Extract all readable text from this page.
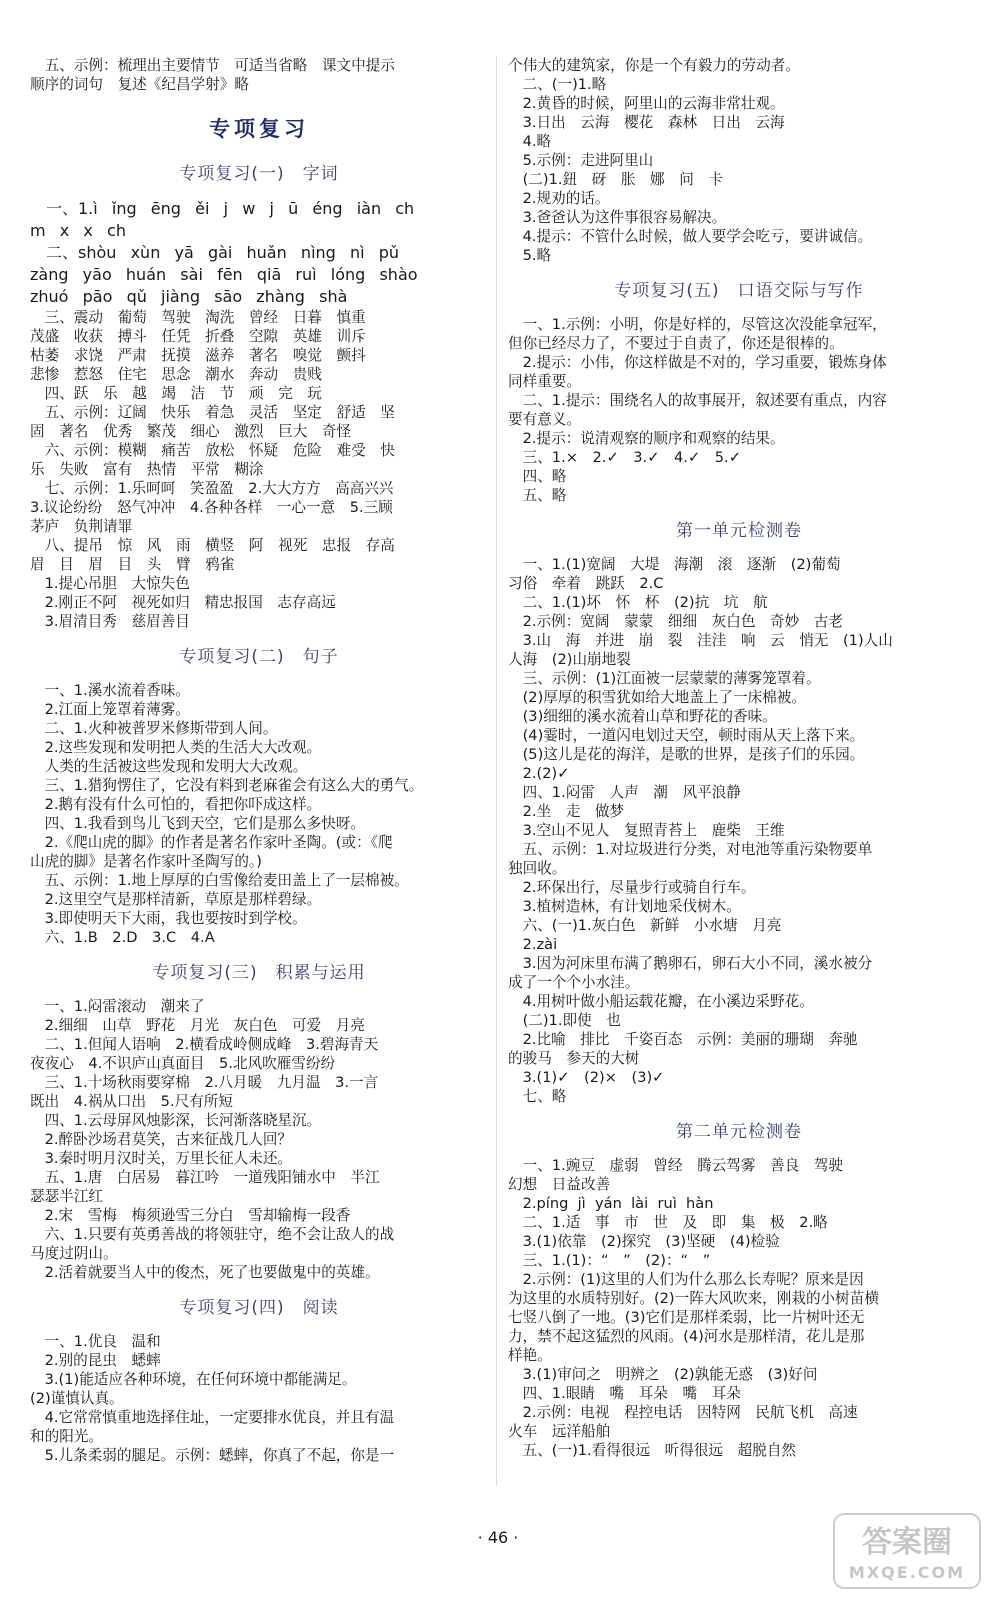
　五、示例：梳理出主要情节　可适当省略　课文中提示
顺序的词句　复述《纪昌学射》略
专项复习
专项复习(一)　字词
　一、1.ì  ǐng  ēng  ěi  j  w  j  ū  éng  iàn  ch
m  x  x  ch
　二、shòu  xùn  yā  gài  huǎn  nìng  nì  pǔ
zàng  yāo  huán  sài  fēn  qiā  ruì  lóng  shào
zhuó  pāo  qǔ  jiàng  sāo  zhàng  shà
　三、震动　葡萄　驾驶　淘洗　曾经　日暮　慎重
茂盛　收获　搏斗　任凭　折叠　空隙　英雄　训斥
枯萎　求饶　严肃　抚摸　滋养　著名　嗅觉　颤抖
悲惨　惹怒　住宅　思念　潮水　奔动　贵贱
　四、跃　乐　越　竭　洁　节　顽　完　玩
　五、示例：辽阔　快乐　着急　灵活　坚定　舒适　坚
固　著名　优秀　繁茂　细心　激烈　巨大　奇怪
　六、示例：模糊　痛苦　放松　怀疑　危险　难受　快
乐　失败　富有　热情　平常　糊涂
　七、示例：1.乐呵呵　笑盈盈　2.大大方方　高高兴兴
3.议论纷纷　怒气冲冲　4.各种各样　一心一意　5.三顾
茅庐　负荆请罪
　八、提吊　惊　风　雨　横竖　阿　视死　忠报　存高
眉　目　眉　目　头　臂　鸦雀
　1.提心吊胆　大惊失色
　2.刚正不阿　视死如归　精忠报国　志存高远
　3.眉清目秀　慈眉善目
专项复习(二)　句子
　一、1.溪水流着香味。
　2.江面上笼罩着薄雾。
　二、1.火种被普罗米修斯带到人间。
　2.这些发现和发明把人类的生活大大改观。
　人类的生活被这些发现和发明大大改观。
　三、1.猎狗愣住了，它没有料到老麻雀会有这么大的勇气。
　2.鹅有没有什么可怕的，看把你吓成这样。
　四、1.我看到鸟儿飞到天空，它们是那么多快呀。
　2.《爬山虎的脚》的作者是著名作家叶圣陶。(或：《爬
山虎的脚》是著名作家叶圣陶写的。)
　五、示例：1.地上厚厚的白雪像给麦田盖上了一层棉被。
　2.这里空气是那样清新，草原是那样碧绿。
　3.即使明天下大雨，我也要按时到学校。
　六、1.B　2.D　3.C　4.A
专项复习(三)　积累与运用
　一、1.闷雷滚动　潮来了
　2.细细　山草　野花　月光　灰白色　可爱　月亮
　二、1.但闻人语响　2.横看成岭侧成峰　3.碧海青天
夜夜心　4.不识庐山真面目　5.北风吹雁雪纷纷
　三、1.十场秋雨要穿棉　2.八月暖　九月温　3.一言
既出　4.祸从口出　5.尺有所短
　四、1.云母屏风烛影深，长河渐落晓星沉。
　2.醉卧沙场君莫笑，古来征战几人回？
　3.秦时明月汉时关，万里长征人未还。
　五、1.唐　白居易　暮江吟　一道残阳铺水中　半江
瑟瑟半江红
　2.宋　雪梅　梅须逊雪三分白　雪却输梅一段香
　六、1.只要有英勇善战的将领驻守，绝不会让敌人的战
马度过阴山。
　2.活着就要当人中的俊杰，死了也要做鬼中的英雄。
专项复习(四)　阅读
　一、1.优良　温和
　2.别的昆虫　蟋蟀
　3.(1)能适应各种环境，在任何环境中都能满足。
(2)谨慎认真。
　4.它常常慎重地选择住址，一定要排水优良，并且有温
和的阳光。
　5.儿条柔弱的腿足。示例：蟋蟀，你真了不起，你是一
个伟大的建筑家，你是一个有毅力的劳动者。
　二、(一)1.略
　2.黄昏的时候，阿里山的云海非常壮观。
　3.日出　云海　樱花　森林　日出　云海
　4.略
　5.示例：走进阿里山
　(二)1.鈕　砑　胀　娜　问　卡
　2.规劝的话。
　3.爸爸认为这件事很容易解决。
　4.提示：不管什么时候，做人要学会吃亏，要讲诚信。
　5.略
专项复习(五)　口语交际与写作
　一、1.示例：小明，你是好样的，尽管这次没能拿冠军，
但你已经尽力了，不要过于自责了，你还是很棒的。
　2.提示：小伟，你这样做是不对的，学习重要，锻炼身体
同样重要。
　二、1.提示：围绕名人的故事展开，叙述要有重点，内容
要有意义。
　2.提示：说清观察的顺序和观察的结果。
　三、1.×　2.✓　3.✓　4.✓　5.✓
　四、略
　五、略
第一单元检测卷
　一、1.(1)宽阔　大堤　海潮　滚　逐渐　(2)葡萄
习俗　牵着　跳跃　2.C
　二、1.(1)坏　怀　杯　(2)抗　坑　航
　2.示例：宽阔　蒙蒙　细细　灰白色　奇妙　古老
　3.山　海　并进　崩　裂　洼洼　响　云　悄无　(1)人山
人海　(2)山崩地裂
　三、示例：(1)江面被一层蒙蒙的薄雾笼罩着。
　(2)厚厚的积雪犹如给大地盖上了一床棉被。
　(3)细细的溪水流着山草和野花的香味。
　(4)霎时，一道闪电划过天空，顿时雨从天上落下来。
　(5)这儿是花的海洋，是歌的世界，是孩子们的乐园。
　2.(2)✓
　四、1.闷雷　人声　潮　风平浪静
　2.坐　走　做梦
　3.空山不见人　复照青苔上　鹿柴　王维
　五、示例：1.对垃圾进行分类，对电池等重污染物要单
独回收。
　2.环保出行，尽量步行或骑自行车。
　3.植树造林，有计划地采伐树木。
　六、(一)1.灰白色　新鲜　小水塘　月亮
　2.zài
　3.因为河床里布满了鹅卵石，卵石大小不同，溪水被分
成了一个个小水洼。
　4.用树叶做小船运载花瓣，在小溪边采野花。
　(二)1.即使　也
　2.比喻　排比　千姿百态　示例：美丽的珊瑚　奔驰
的骏马　参天的大树
　3.(1)✓　(2)×　(3)✓
　七、略
第二单元检测卷
　一、1.豌豆　虚弱　曾经　腾云驾雾　善良　驾驶
幻想　日益改善
　2.píng  jì  yán  lài  ruì  hàn
　二、1.适　事　市　世　及　即　集　极　2.略
　3.(1)依靠　(2)探究　(3)坚硬　(4)检验
　三、1.(1)：“　”　(2)：“　”
　2.示例：(1)这里的人们为什么那么长寿呢？原来是因
为这里的水质特别好。(2)一阵大风吹来，刚栽的小树苗横
七竖八倒了一地。(3)它们是那样柔弱，比一片树叶还无
力，禁不起这猛烈的风雨。(4)河水是那样清，花儿是那
样艳。
　3.(1)审问之　明辨之　(2)孰能无惑　(3)好问
　四、1.眼睛　嘴　耳朵　嘴　耳朵
　2.示例：电视　程控电话　因特网　民航飞机　高速
火车　远洋船舶
　五、(一)1.看得很远　听得很远　超脱自然
· 46 ·	答案圈
MXQE.COM
